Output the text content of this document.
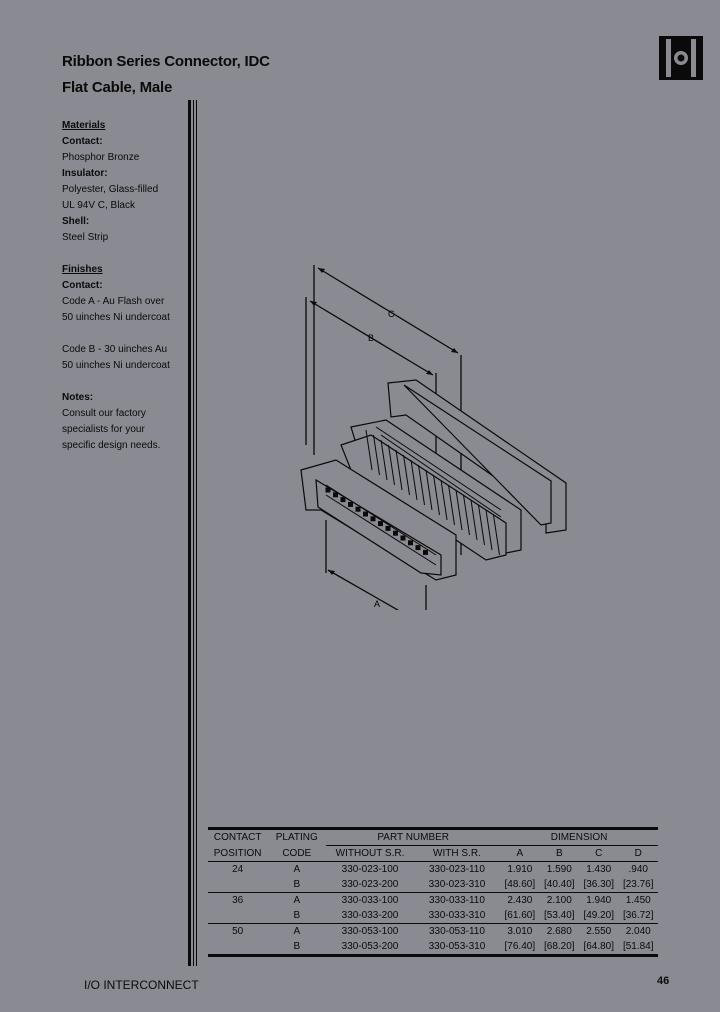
Ribbon Series Connector, IDC
Flat Cable, Male
Materials
Contact:
Phosphor Bronze
Insulator:
Polyester, Glass-filled
UL 94V C, Black
Shell:
Steel Strip
Finishes
Contact:
Code A - Au Flash over
50 uinches Ni undercoat
Code B - 30 uinches Au
50 uinches Ni undercoat
Notes:
Consult our factory
specialists for your
specific design needs.
C
B
A
CONTACT	PLATING	PART NUMBER		DIMENSION			
POSITION	CODE	WITHOUT S.R.	WITH S.R.	A	B	C	D
24	A	330-023-100	330-023-110	1.910	1.590	1.430	.940
	B	330-023-200	330-023-310	[48.60]	[40.40]	[36.30]	[23.76]
36	A	330-033-100	330-033-110	2.430	2.100	1.940	1.450
	B	330-033-200	330-033-310	[61.60]	[53.40]	[49.20]	[36.72]
50	A	330-053-100	330-053-110	3.010	2.680	2.550	2.040
	B	330-053-200	330-053-310	[76.40]	[68.20]	[64.80]	[51.84]
I/O INTERCONNECT	46
